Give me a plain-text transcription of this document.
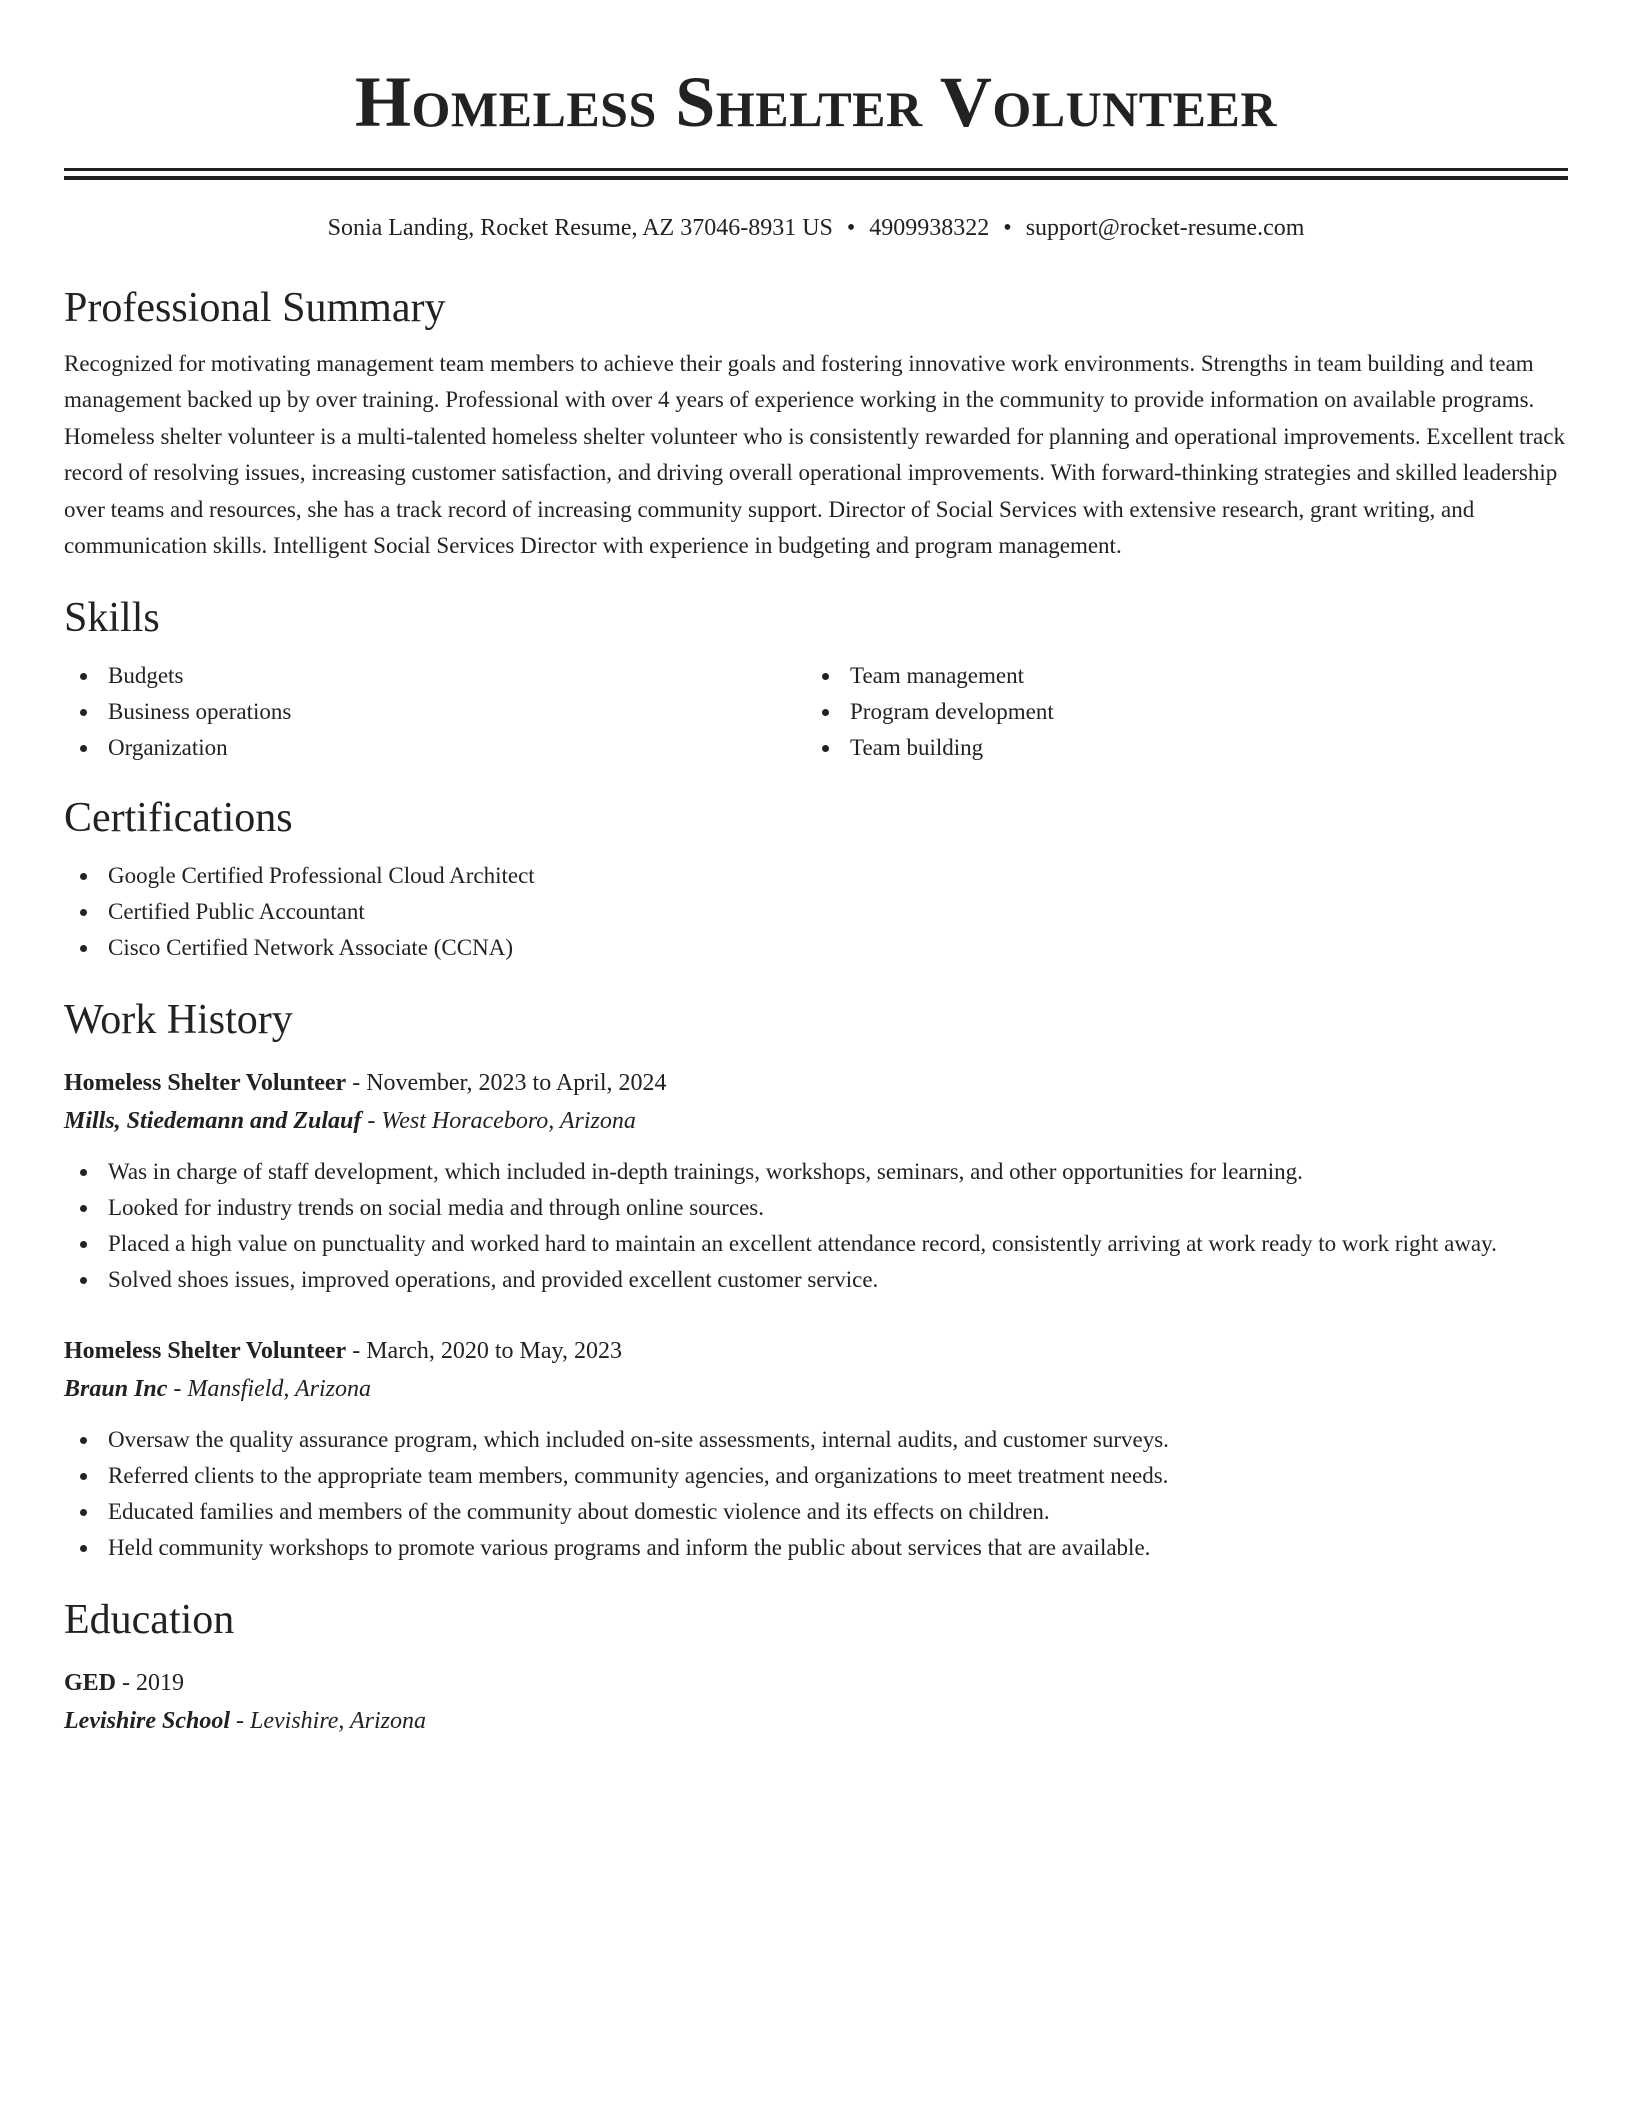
Homeless Shelter Volunteer
Sonia Landing, Rocket Resume, AZ 37046-8931 US • 4909938322 • support@rocket-resume.com
Professional Summary

Recognized for motivating management team members to achieve their goals and fostering innovative work environments. Strengths in team building and team management backed up by over training. Professional with over 4 years of experience working in the community to provide information on available programs. Homeless shelter volunteer is a multi-talented homeless shelter volunteer who is consistently rewarded for planning and operational improvements. Excellent track record of resolving issues, increasing customer satisfaction, and driving overall operational improvements. With forward-thinking strategies and skilled leadership over teams and resources, she has a track record of increasing community support. Director of Social Services with extensive research, grant writing, and communication skills. Intelligent Social Services Director with experience in budgeting and program management.

Skills
Budgets
Business operations
Organization
Team management
Program development
Team building
Certifications
Google Certified Professional Cloud Architect
Certified Public Accountant
Cisco Certified Network Associate (CCNA)
Work History
Homeless Shelter Volunteer - November, 2023 to April, 2024
Mills, Stiedemann and Zulauf - West Horaceboro, Arizona
Was in charge of staff development, which included in-depth trainings, workshops, seminars, and other opportunities for learning.
Looked for industry trends on social media and through online sources.
Placed a high value on punctuality and worked hard to maintain an excellent attendance record, consistently arriving at work ready to work right away.
Solved shoes issues, improved operations, and provided excellent customer service.
Homeless Shelter Volunteer - March, 2020 to May, 2023
Braun Inc - Mansfield, Arizona
Oversaw the quality assurance program, which included on-site assessments, internal audits, and customer surveys.
Referred clients to the appropriate team members, community agencies, and organizations to meet treatment needs.
Educated families and members of the community about domestic violence and its effects on children.
Held community workshops to promote various programs and inform the public about services that are available.
Education
GED - 2019
Levishire School - Levishire, Arizona
